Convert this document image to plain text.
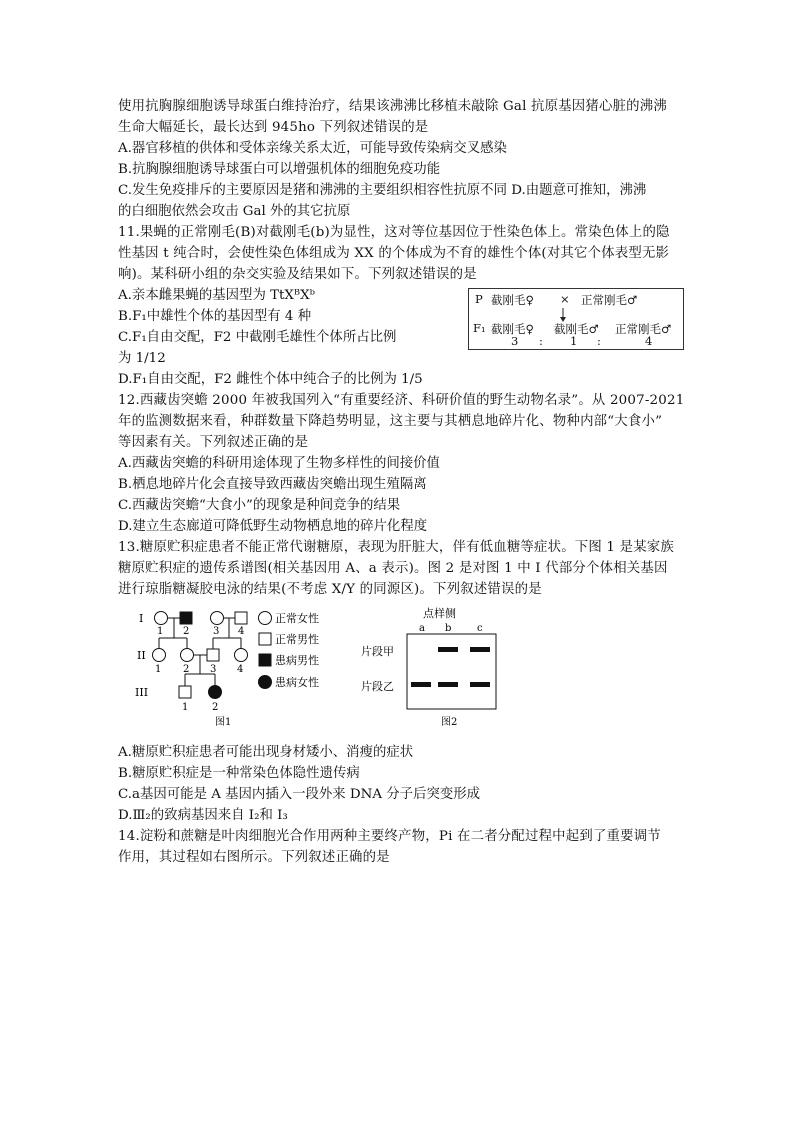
使用抗胸腺细胞诱导球蛋白维持治疗，结果该沸沸比移植未敲除 Gal 抗原基因猪心脏的沸沸
生命大幅延长，最长达到 945ho 下列叙述错误的是
A.器官移植的供体和受体亲缘关系太近，可能导致传染病交叉感染
B.抗胸腺细胞诱导球蛋白可以增强机体的细胞免疫功能
C.发生免疫排斥的主要原因是猪和沸沸的主要组织相容性抗原不同 D.由题意可推知，沸沸
的白细胞依然会攻击 Gal 外的其它抗原
11.果蝇的正常刚毛(B)对截刚毛(b)为显性，这对等位基因位于性染色体上。常染色体上的隐
性基因 t 纯合时，会使性染色体组成为 XX 的个体成为不育的雄性个体(对其它个体表型无影
响)。某科研小组的杂交实验及结果如下。下列叙述错误的是
A.亲本雌果蝇的基因型为 TtXᴮXᵇ
B.F₁中雄性个体的基因型有 4 种
C.F₁自由交配，F2 中截刚毛雄性个体所占比例
为 1/12
D.F₁自由交配，F2 雌性个体中纯合子的比例为 1/5
12.西藏齿突蟾 2000 年被我国列入“有重要经济、科研价值的野生动物名录”。从 2007-2021
年的监测数据来看，种群数量下降趋势明显，这主要与其栖息地碎片化、物种内部“大食小”
等因素有关。下列叙述正确的是
A.西藏齿突蟾的科研用途体现了生物多样性的间接价值
B.栖息地碎片化会直接导致西藏齿突蟾出现生殖隔离
C.西藏齿突蟾“大食小”的现象是种间竞争的结果
D.建立生态廊道可降低野生动物栖息地的碎片化程度
13.糖原贮积症患者不能正常代谢糖原，表现为肝脏大，伴有低血糖等症状。下图 1 是某家族
糖原贮积症的遗传系谱图(相关基因用 A、a 表示)。图 2 是对图 1 中 I 代部分个体相关基因
进行琼脂糖凝胶电泳的结果(不考虑 X/Y 的同源区)。下列叙述错误的是
A.糖原贮积症患者可能出现身材矮小、消瘦的症状
B.糖原贮积症是一种常染色体隐性遗传病
C.a基因可能是 A 基因内插入一段外来 DNA 分子后突变形成
D.Ⅲ₂的致病基因来自 I₂和 I₃
14.淀粉和蔗糖是叶肉细胞光合作用两种主要终产物，Pi 在二者分配过程中起到了重要调节
作用，其过程如右图所示。下列叙述正确的是
P 截刚毛♀ × 正常刚毛♂
F₁ 截刚毛♀ 截刚毛♂ 正常刚毛♂
3 : 1 :	4
I
II
III
1 2 3 4
1 2 3 4
1 2
图1
正常女性
正常男性
患病男性
患病女性
点样侧
a b	c
片段甲
片段乙
图2
